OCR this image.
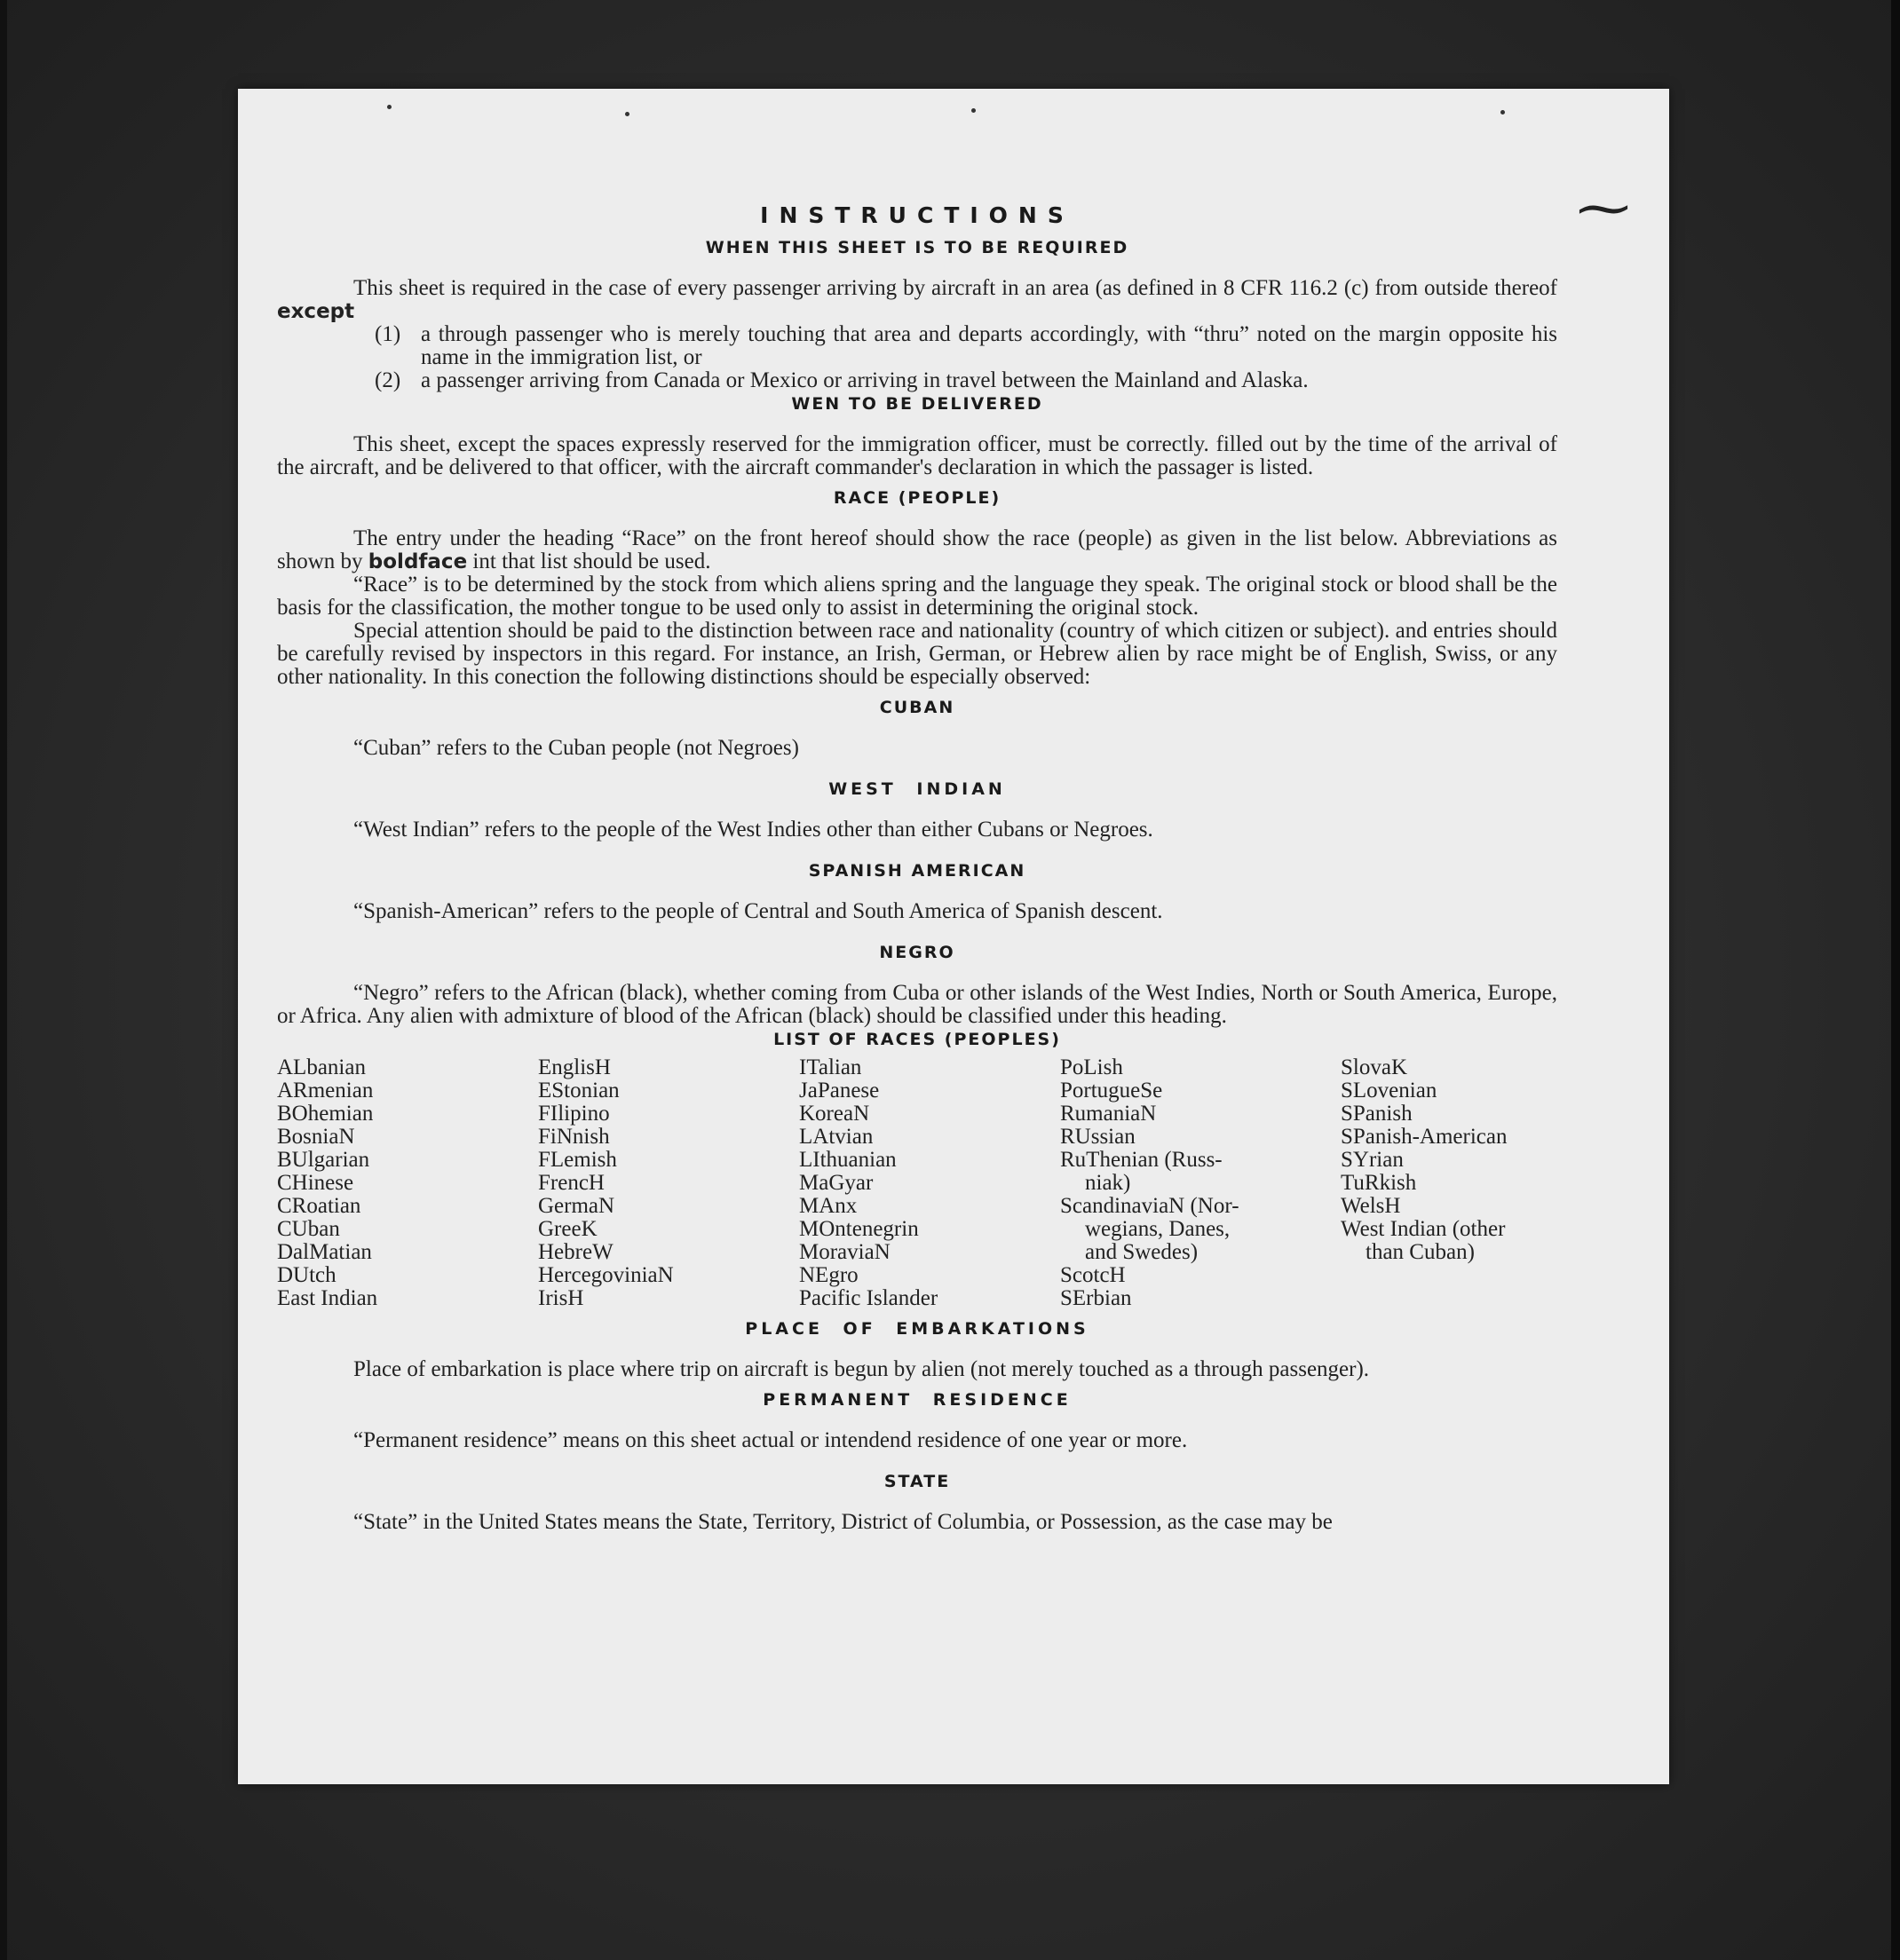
⁓
INSTRUCTIONS
WHEN THIS SHEET IS TO BE REQUIRED

This sheet is required in the case of every passenger arriving by aircraft in an area (as defined in 8 CFR 116.2 (c) from outside thereof except

(1) a through passenger who is merely touching that area and departs accordingly, with “thru” noted on the margin opposite his name in the immigration list, or
(2) a passenger arriving from Canada or Mexico or arriving in travel between the Mainland and Alaska.
WEN TO BE DELIVERED

This sheet, except the spaces expressly reserved for the immigration officer, must be correctly. filled out by the time of the arrival of the aircraft, and be delivered to that officer, with the aircraft commander's declaration in which the passager is listed.

RACE (PEOPLE)

The entry under the heading “Race” on the front hereof should show the race (people) as given in the list below. Abbreviations as shown by boldface int that list should be used.

“Race” is to be determined by the stock from which aliens spring and the language they speak. The original stock or blood shall be the basis for the classification, the mother tongue to be used only to assist in determining the original stock.

Special attention should be paid to the distinction between race and nationality (country of which citizen or subject). and entries should be carefully revised by inspectors in this regard. For instance, an Irish, German, or Hebrew alien by race might be of English, Swiss, or any other nationality. In this conection the following distinctions should be especially observed:

CUBAN

“Cuban” refers to the Cuban people (not Negroes)

WEST INDIAN

“West Indian” refers to the people of the West Indies other than either Cubans or Negroes.

SPANISH AMERICAN

“Spanish-American” refers to the people of Central and South America of Spanish descent.

NEGRO

“Negro” refers to the African (black), whether coming from Cuba or other islands of the West Indies, North or South America, Europe, or Africa. Any alien with admixture of blood of the African (black) should be classified under this heading.

LIST OF RACES (PEOPLES)
ALbanian
ARmenian
BOhemian
BosniaN
BUlgarian
CHinese
CRoatian
CUban
DalMatian
DUtch
East Indian
EnglisH
EStonian
FIlipino
FiNnish
FLemish
FrencH
GermaN
GreeK
HebreW
HercegoviniaN
IrisH
ITalian
JaPanese
KoreaN
LAtvian
LIthuanian
MaGyar
MAnx
MOntenegrin
MoraviaN
NEgro
Pacific Islander
PoLish
PortugueSe
RumaniaN
RUssian
RuThenian (Russ-
niak)
ScandinaviaN (Nor-
wegians, Danes,
and Swedes)
ScotcH
SErbian
SlovaK
SLovenian
SPanish
SPanish-American
SYrian
TuRkish
WelsH
West Indian (other
than Cuban)
PLACE OF EMBARKATIONS

Place of embarkation is place where trip on aircraft is begun by alien (not merely touched as a through passenger).

PERMANENT RESIDENCE

“Permanent residence” means on this sheet actual or intendend residence of one year or more.

STATE

“State” in the United States means the State, Territory, District of Columbia, or Possession, as the case may be
